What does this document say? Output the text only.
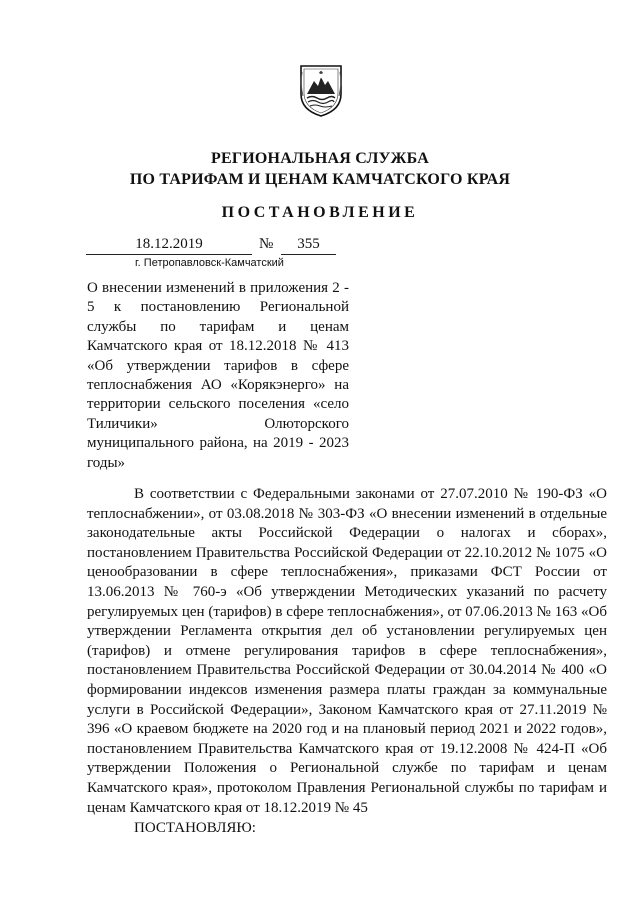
РЕГИОНАЛЬНАЯ СЛУЖБА
ПО ТАРИФАМ И ЦЕНАМ КАМЧАТСКОГО КРАЯ
ПОСТАНОВЛЕНИЕ
18.12.2019	№	355
г. Петропавловск-Камчатский
О внесении изменений в приложения 2 - 5 к постановлению Региональной службы по тарифам и ценам Камчатского края от 18.12.2018 № 413 «Об утверждении тарифов в сфере теплоснабжения АО «Корякэнерго» на территории сельского поселения «село Тиличики» Олюторского муниципального района, на 2019 - 2023 годы»
В соответствии с Федеральными законами от 27.07.2010 № 190-ФЗ «О теплоснабжении», от 03.08.2018 № 303-ФЗ «О внесении изменений в отдельные законодательные акты Российской Федерации о налогах и сборах», постановлением Правительства Российской Федерации от 22.10.2012 № 1075 «О ценообразовании в сфере теплоснабжения», приказами ФСТ России от 13.06.2013 № 760-э «Об утверждении Методических указаний по расчету регулируемых цен (тарифов) в сфере теплоснабжения», от 07.06.2013 № 163 «Об утверждении Регламента открытия дел об установлении регулируемых цен (тарифов) и отмене регулирования тарифов в сфере теплоснабжения», постановлением Правительства Российской Федерации от 30.04.2014 № 400 «О формировании индексов изменения размера платы граждан за коммунальные услуги в Российской Федерации», Законом Камчатского края от 27.11.2019 № 396 «О краевом бюджете на 2020 год и на плановый период 2021 и 2022 годов», постановлением Правительства Камчатского края от 19.12.2008 № 424-П «Об утверждении Положения о Региональной службе по тарифам и ценам Камчатского края», протоколом Правления Региональной службы по тарифам и ценам Камчатского края от 18.12.2019 № 45
ПОСТАНОВЛЯЮ:
